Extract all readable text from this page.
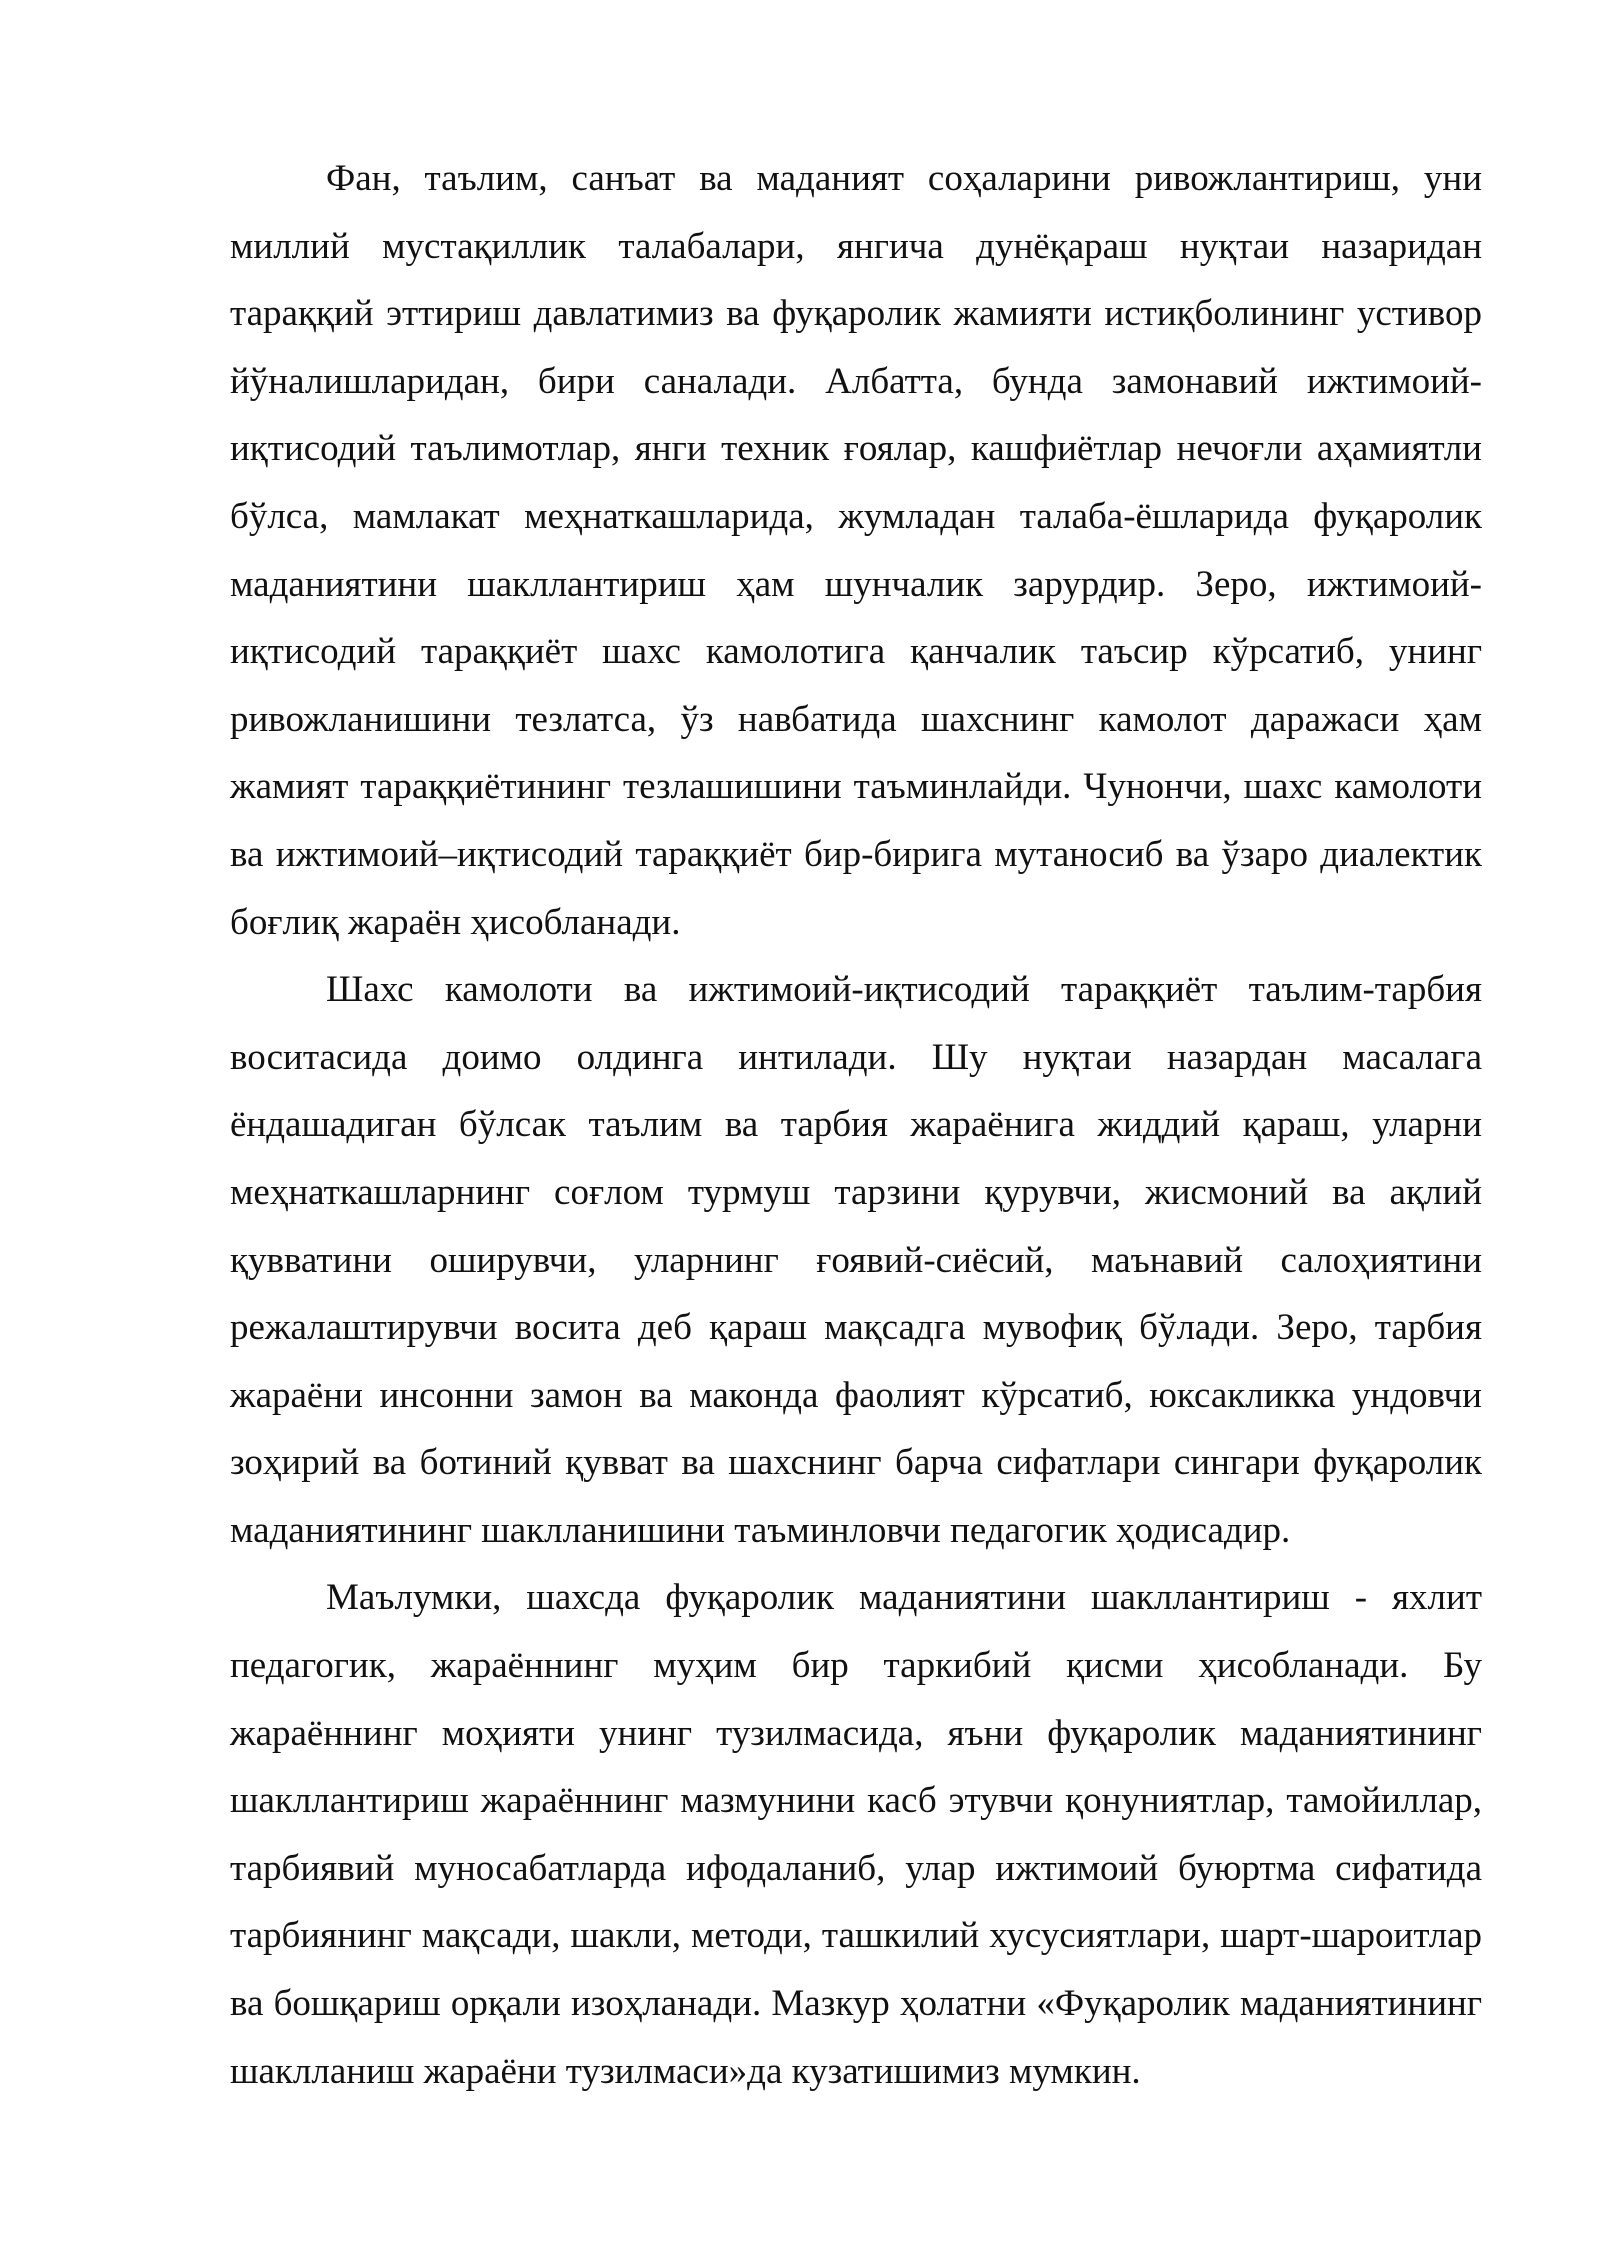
Фан, таълим, санъат ва маданият соҳаларини ривожлантириш, уни миллий мустақиллик талабалари, янгича дунёқараш нуқтаи назаридан тараққий эттириш давлатимиз ва фуқаролик жамияти истиқболининг устивор йўналишларидан, бири саналади. Албатта, бунда замонавий ижтимоий-иқтисодий таълимотлар, янги техник ғоялар, кашфиётлар нечоғли аҳамиятли бўлса, мамлакат меҳнаткашларида, жумладан талаба-ёшларида фуқаролик маданиятини шакллантириш ҳам шунчалик зарурдир. Зеро, ижтимоий-иқтисодий тараққиёт шахс камолотига қанчалик таъсир кўрсатиб, унинг ривожланишини тезлатса, ўз навбатида шахснинг камолот даражаси ҳам жамият тараққиётининг тезлашишини таъминлайди. Чунончи, шахс камолоти ва ижтимоий–иқтисодий тараққиёт бир-бирига мутаносиб ва ўзаро диалектик боғлиқ жараён ҳисобланади.

Шахс камолоти ва ижтимоий-иқтисодий тараққиёт таълим-тарбия воситасида доимо олдинга интилади. Шу нуқтаи назардан масалага ёндашадиган бўлсак таълим ва тарбия жараёнига жиддий қараш, уларни меҳнаткашларнинг соғлом турмуш тарзини қурувчи, жисмоний ва ақлий қувватини оширувчи, уларнинг ғоявий-сиёсий, маънавий салоҳиятини режалаштирувчи восита деб қараш мақсадга мувофиқ бўлади. Зеро, тарбия жараёни инсонни замон ва маконда фаолият кўрсатиб, юксакликка ундовчи зоҳирий ва ботиний қувват ва шахснинг барча сифатлари сингари фуқаролик маданиятининг шаклланишини таъминловчи педагогик ҳодисадир.

Маълумки, шахсда фуқаролик маданиятини шакллантириш - яхлит педагогик, жараённинг муҳим бир таркибий қисми ҳисобланади. Бу жараённинг моҳияти унинг тузилмасида, яъни фуқаролик маданиятининг шакллантириш жараённинг мазмунини касб этувчи қонуниятлар, тамойиллар, тарбиявий муносабатларда ифодаланиб, улар ижтимоий буюртма сифатида тарбиянинг мақсади, шакли, методи, ташкилий хусусиятлари, шарт-шароитлар ва бошқариш орқали изоҳланади. Мазкур ҳолатни «Фуқаролик маданиятининг шаклланиш жараёни тузилмаси»да кузатишимиз мумкин.
